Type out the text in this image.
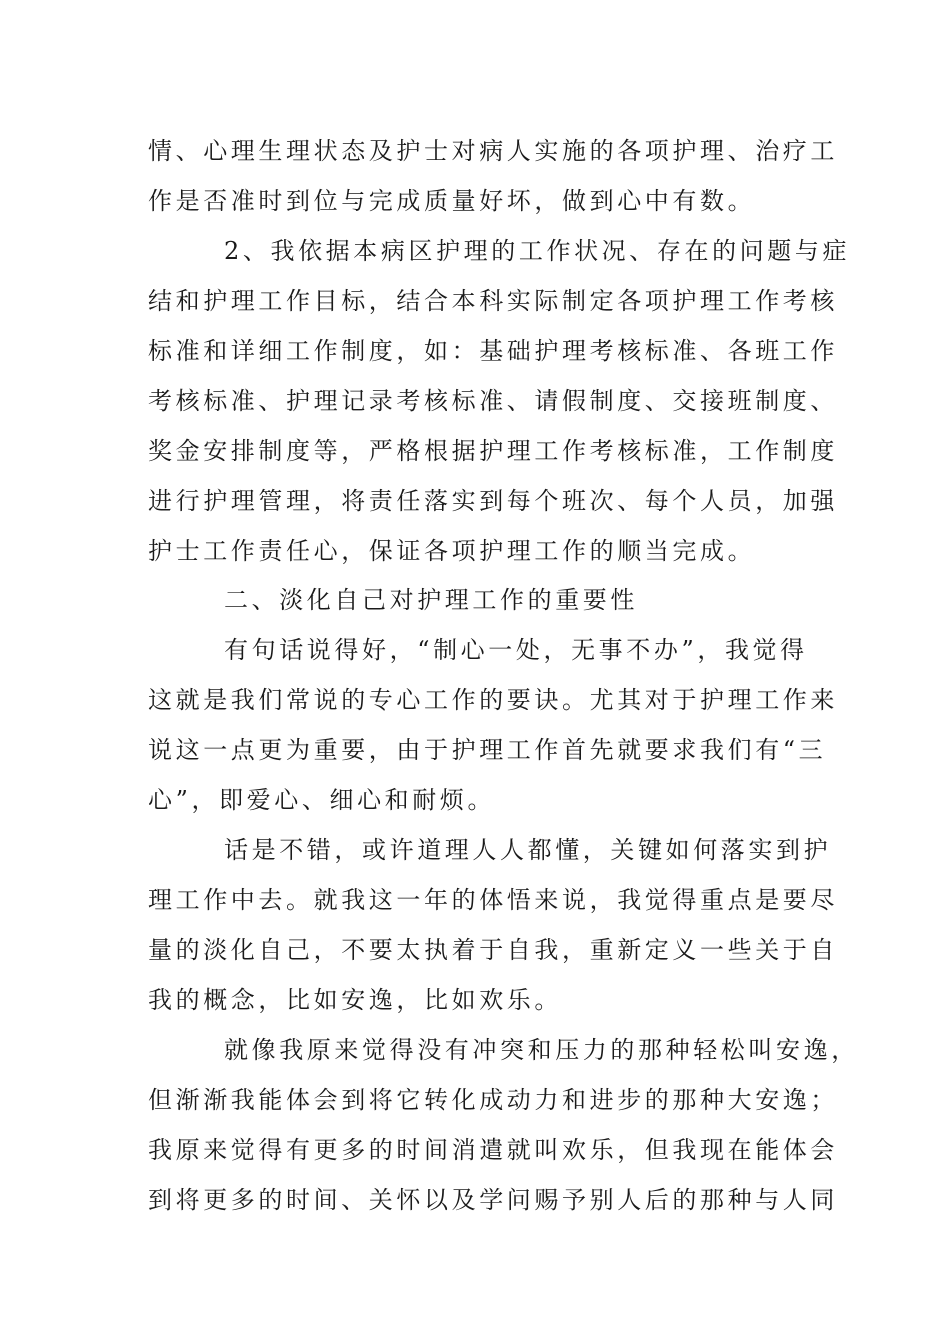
情、心理生理状态及护士对病人实施的各项护理、治疗工
作是否准时到位与完成质量好坏，做到心中有数。
2、我依据本病区护理的工作状况、存在的问题与症
结和护理工作目标，结合本科实际制定各项护理工作考核
标准和详细工作制度，如：基础护理考核标准、各班工作
考核标准、护理记录考核标准、请假制度、交接班制度、
奖金安排制度等，严格根据护理工作考核标准，工作制度
进行护理管理，将责任落实到每个班次、每个人员，加强
护士工作责任心，保证各项护理工作的顺当完成。
二、淡化自己对护理工作的重要性
有句话说得好，“制心一处，无事不办”，我觉得
这就是我们常说的专心工作的要诀。尤其对于护理工作来
说这一点更为重要，由于护理工作首先就要求我们有“三
心”，即爱心、细心和耐烦。
话是不错，或许道理人人都懂，关键如何落实到护
理工作中去。就我这一年的体悟来说，我觉得重点是要尽
量的淡化自己，不要太执着于自我，重新定义一些关于自
我的概念，比如安逸，比如欢乐。
就像我原来觉得没有冲突和压力的那种轻松叫安逸，
但渐渐我能体会到将它转化成动力和进步的那种大安逸；
我原来觉得有更多的时间消遣就叫欢乐，但我现在能体会
到将更多的时间、关怀以及学问赐予别人后的那种与人同
